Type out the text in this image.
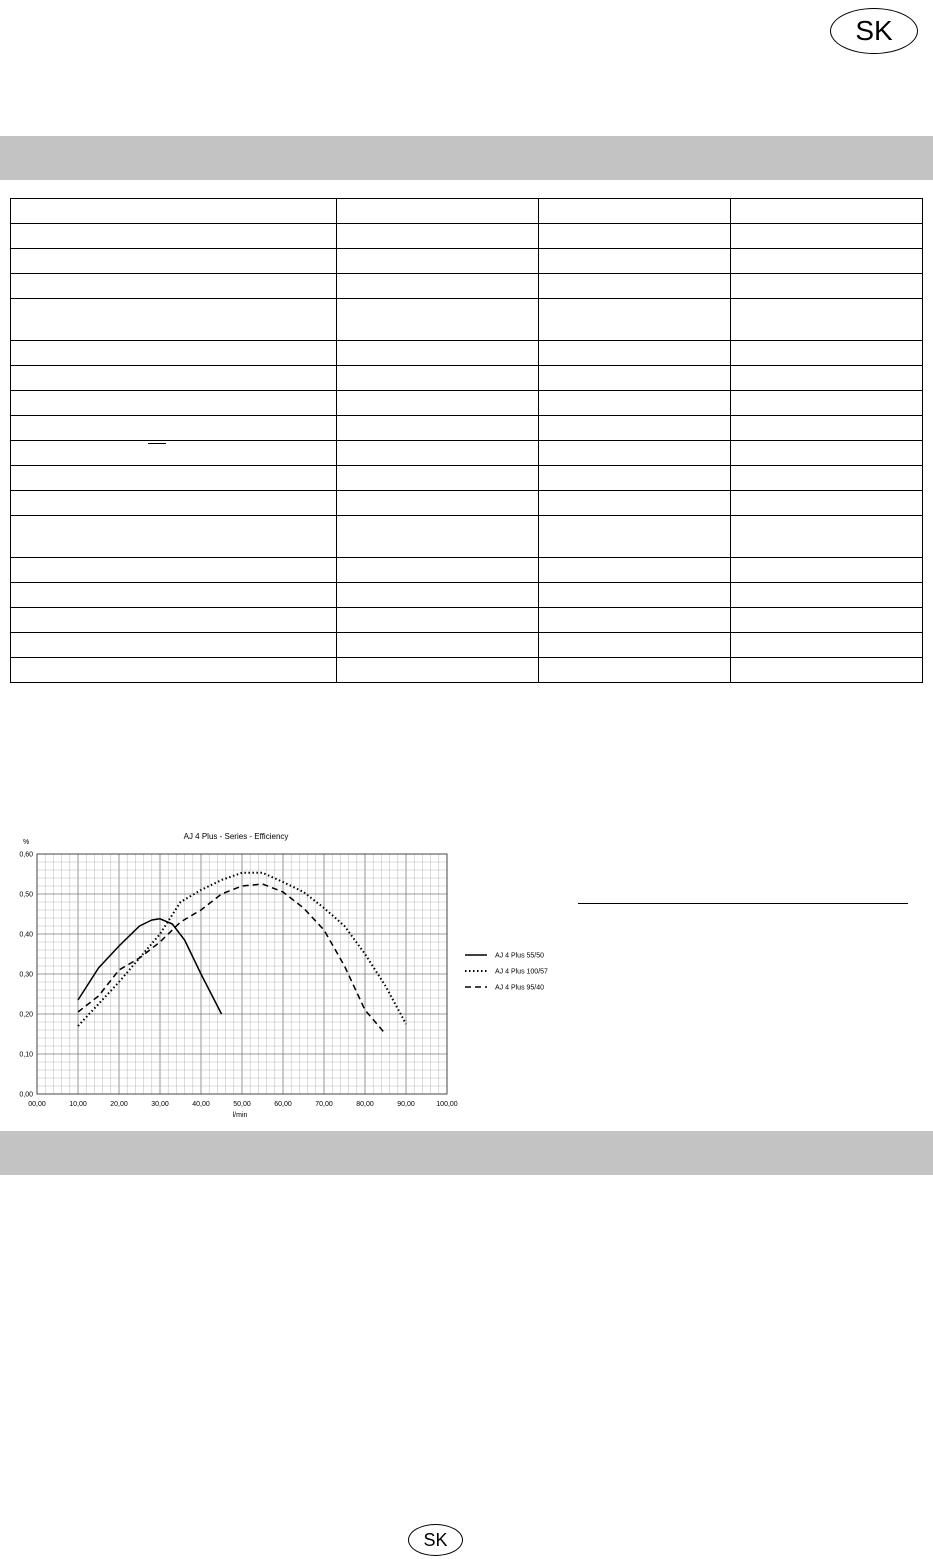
SK

AJ 4 Plus - Series - Efficiency
%
l/min
00,00	10,00	20,00	30,00	40,00	50,00	60,00	70,00	80,00	90,00	100,00
0,00
0,10
0,20
0,30
0,40
0,50
0,60
AJ 4 Plus 55/50
AJ 4 Plus 100/57
AJ 4 Plus 95/40
SK
